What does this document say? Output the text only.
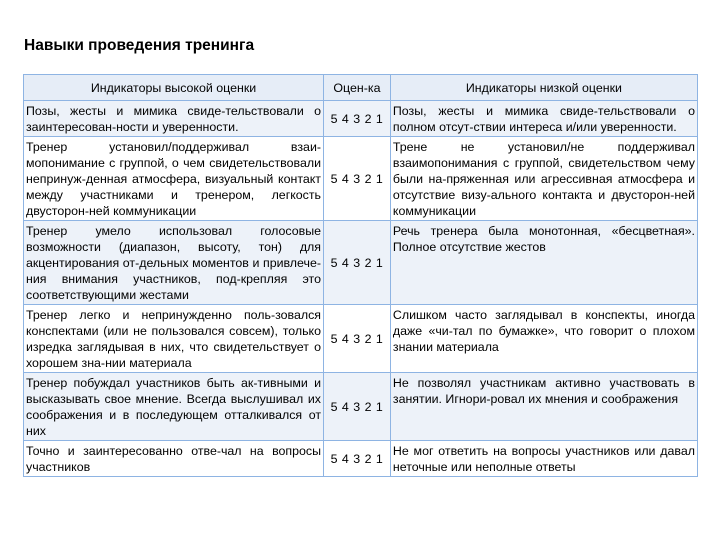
Навыки проведения тренинга
Индикаторы высокой оценки	Оцен-ка	Индикаторы низкой оценки
Позы, жесты и мимика свиде-тельствовали о заинтересован-ности и уверенности.	5 4 3 2 1	Позы, жесты и мимика свиде-тельствовали о полном отсут-ствии интереса и/или уверенности.
Тренер установил/поддерживал взаи-мопонимание с группой, о чем свидетельствовали непринуж-денная атмосфера, визуальный контакт между участниками и тренером, легкость двусторон-ней коммуникации	5 4 3 2 1	Трене не установил/не поддерживал взаимопонимания с группой, свидетельством чему были на-пряженная или агрессивная атмосфера и отсутствие визу-ального контакта и двусторон-ней коммуникации
Тренер умело использовал голосовые возможности (диапазон, высоту, тон) для акцентирования от-дельных моментов и привлече-ния внимания участников, под-крепляя это соответствующими жестами	5 4 3 2 1	Речь тренера была монотонная, «бесцветная». Полное отсутствие жестов
Тренер легко и непринужденно поль-зовался конспектами (или не пользовался совсем), только изредка заглядывая в них, что свидетельствует о хорошем зна-нии материала	5 4 3 2 1	Слишком часто заглядывал в конспекты, иногда даже «чи-тал по бумажке», что говорит о плохом знании материала
Тренер побуждал участников быть ак-тивными и высказывать свое мнение. Всегда выслушивал их соображения и в последующем отталкивался от них	5 4 3 2 1	Не позволял участникам активно участвовать в занятии. Игнори-ровал их мнения и соображения
Точно и заинтересованно отве-чал на вопросы участников	5 4 3 2 1	Не мог ответить на вопросы участников или давал неточные или неполные ответы
